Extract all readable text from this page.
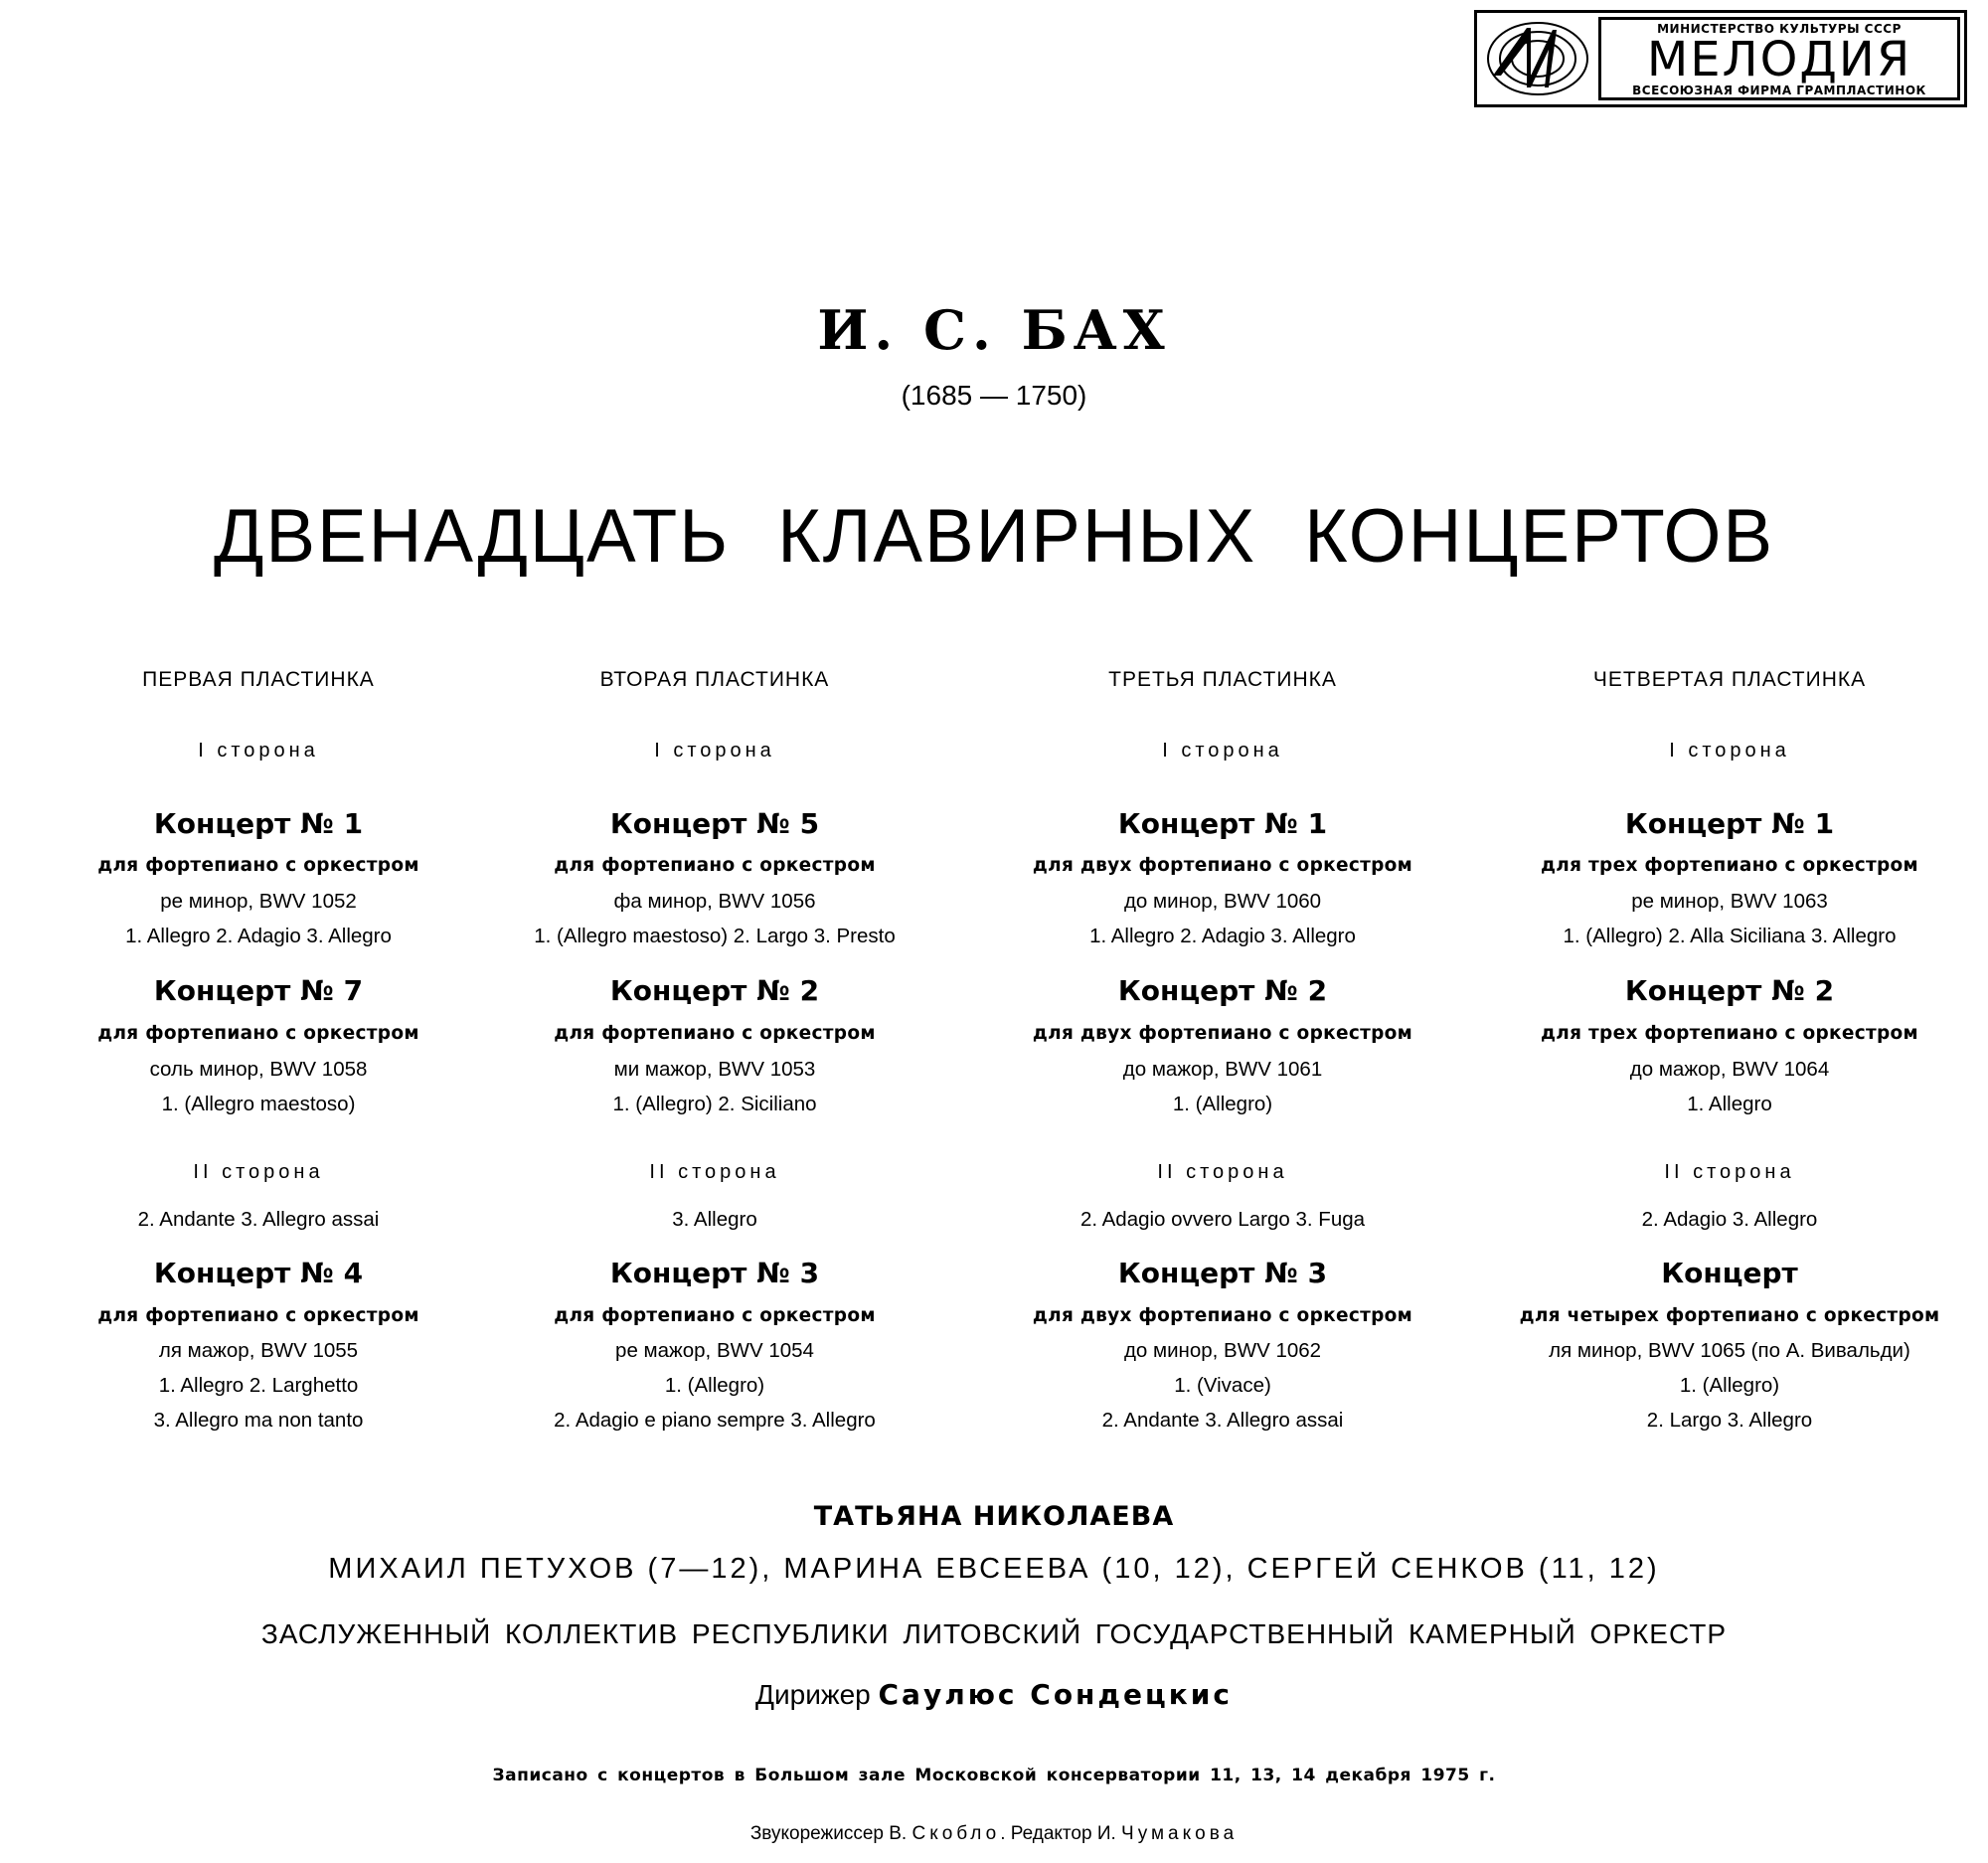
МИНИСТЕРСТВО КУЛЬТУРЫ СССР
МЕЛОДИЯ
ВСЕСОЮЗНАЯ ФИРМА ГРАМПЛАСТИНОК
И. С. БАХ
(1685 — 1750)
ДВЕНАДЦАТЬ КЛАВИРНЫХ КОНЦЕРТОВ
ПЕРВАЯ ПЛАСТИНКА
I сторона
Концерт № 1
для фортепиано с оркестром
ре минор, BWV 1052
1. Allegro 2. Adagio 3. Allegro
Концерт № 7
для фортепиано с оркестром
соль минор, BWV 1058
1. (Allegro maestoso)
II сторона
2. Andante 3. Allegro assai
Концерт № 4
для фортепиано с оркестром
ля мажор, BWV 1055
1. Allegro 2. Larghetto
3. Allegro ma non tanto
ВТОРАЯ ПЛАСТИНКА
I сторона
Концерт № 5
для фортепиано с оркестром
фа минор, BWV 1056
1. (Allegro maestoso) 2. Largo 3. Presto
Концерт № 2
для фортепиано с оркестром
ми мажор, BWV 1053
1. (Allegro) 2. Siciliano
II сторона
3. Allegro
Концерт № 3
для фортепиано с оркестром
ре мажор, BWV 1054
1. (Allegro)
2. Adagio e piano sempre 3. Allegro
ТРЕТЬЯ ПЛАСТИНКА
I сторона
Концерт № 1
для двух фортепиано с оркестром
до минор, BWV 1060
1. Allegro 2. Adagio 3. Allegro
Концерт № 2
для двух фортепиано с оркестром
до мажор, BWV 1061
1. (Allegro)
II сторона
2. Adagio ovvero Largo 3. Fuga
Концерт № 3
для двух фортепиано с оркестром
до минор, BWV 1062
1. (Vivace)
2. Andante 3. Allegro assai
ЧЕТВЕРТАЯ ПЛАСТИНКА
I сторона
Концерт № 1
для трех фортепиано с оркестром
ре минор, BWV 1063
1. (Allegro) 2. Alla Siciliana 3. Allegro
Концерт № 2
для трех фортепиано с оркестром
до мажор, BWV 1064
1. Allegro
II сторона
2. Adagio 3. Allegro
Концерт
для четырех фортепиано с оркестром
ля минор, BWV 1065 (по А. Вивальди)
1. (Allegro)
2. Largo 3. Allegro
ТАТЬЯНА НИКОЛАЕВА
МИХАИЛ ПЕТУХОВ (7—12), МАРИНА ЕВСЕЕВА (10, 12), СЕРГЕЙ СЕНКОВ (11, 12)
ЗАСЛУЖЕННЫЙ КОЛЛЕКТИВ РЕСПУБЛИКИ ЛИТОВСКИЙ ГОСУДАРСТВЕННЫЙ КАМЕРНЫЙ ОРКЕСТР
Дирижер Саулюс Сондецкис
Записано с концертов в Большом зале Московской консерватории 11, 13, 14 декабря 1975 г.
Звукорежиссер В. Скобло. Редактор И. Чумакова
